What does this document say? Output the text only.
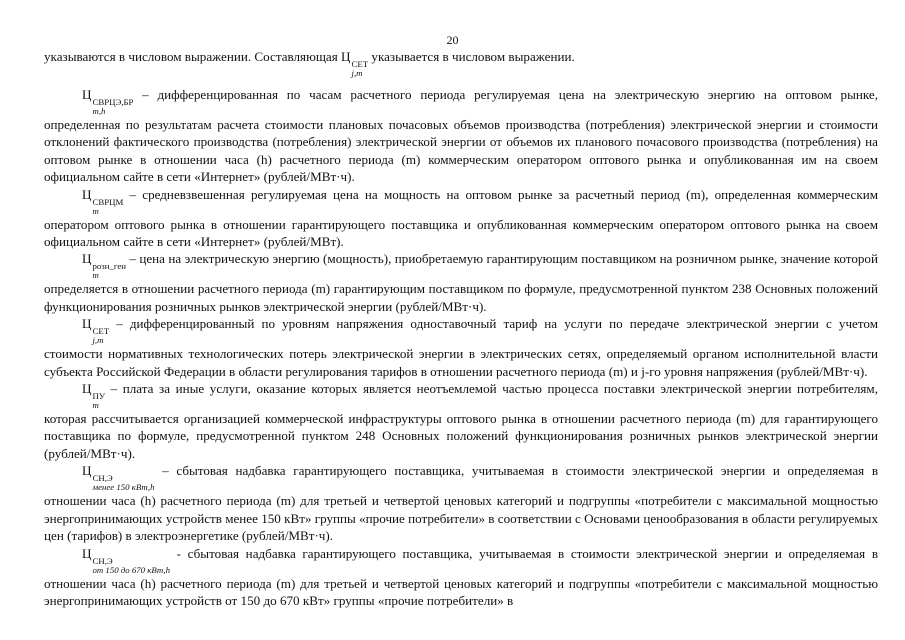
20

указываются в числовом выражении. Составляющая Ц СЕТ
j,m
указывается в числовом выражении.

Ц СВРЦЭ,БР
m,h
– дифференцированная по часам расчетного периода регулируемая цена на электрическую энергию на оптовом рынке, определенная по результатам расчета стоимости плановых почасовых объемов производства (потребления) электрической энергии и стоимости отклонений фактического производства (потребления) электрической энергии от объемов их планового почасового производства (потребления) на оптовом рынке в отношении часа (h) расчетного периода (m) коммерческим оператором оптового рынка и опубликованная им на своем официальном сайте в сети «Интернет» (рублей/МВт·ч).

Ц СВРЦМ
m
– средневзвешенная регулируемая цена на мощность на оптовом рынке за расчетный период (m), определенная коммерческим оператором оптового рынка в отношении гарантирующего поставщика и опубликованная коммерческим оператором оптового рынка на своем официальном сайте в сети «Интернет» (рублей/МВт).

Ц розн_ген
m
– цена на электрическую энергию (мощность), приобретаемую гарантирующим поставщиком на розничном рынке, значение которой определяется в отношении расчетного периода (m) гарантирующим поставщиком по формуле, предусмотренной пунктом 238 Основных положений функционирования розничных рынков электрической энергии (рублей/МВт·ч).

Ц СЕТ
j,m
– дифференцированный по уровням напряжения одноставочный тариф на услуги по передаче электрической энергии с учетом стоимости нормативных технологических потерь электрической энергии в электрических сетях, определяемый органом исполнительной власти субъекта Российской Федерации в области регулирования тарифов в отношении расчетного периода (m) и j-го уровня напряжения (рублей/МВт·ч).

Ц ПУ
m
– плата за иные услуги, оказание которых является неотъемлемой частью процесса поставки электрической энергии потребителям, которая рассчитывается организацией коммерческой инфраструктуры оптового рынка в отношении расчетного периода (m) для гарантирующего поставщика по формуле, предусмотренной пунктом 248 Основных положений функционирования розничных рынков электрической энергии (рублей/МВт·ч).

Ц СН,Э
менее 150 кВт,h
– сбытовая надбавка гарантирующего поставщика, учитываемая в стоимости электрической энергии и определяемая в отношении часа (h) расчетного периода (m) для третьей и четвертой ценовых категорий и подгруппы «потребители с максимальной мощностью энергопринимающих устройств менее 150 кВт» группы «прочие потребители» в соответствии с Основами ценообразования в области регулируемых цен (тарифов) в электроэнергетике (рублей/МВт·ч).

Ц СН,Э
от 150 до 670 кВт,h
- сбытовая надбавка гарантирующего поставщика, учитываемая в стоимости электрической энергии и определяемая в отношении часа (h) расчетного периода (m) для третьей и четвертой ценовых категорий и подгруппы «потребители с максимальной мощностью энергопринимающих устройств от 150 до 670 кВт» группы «прочие потребители» в
